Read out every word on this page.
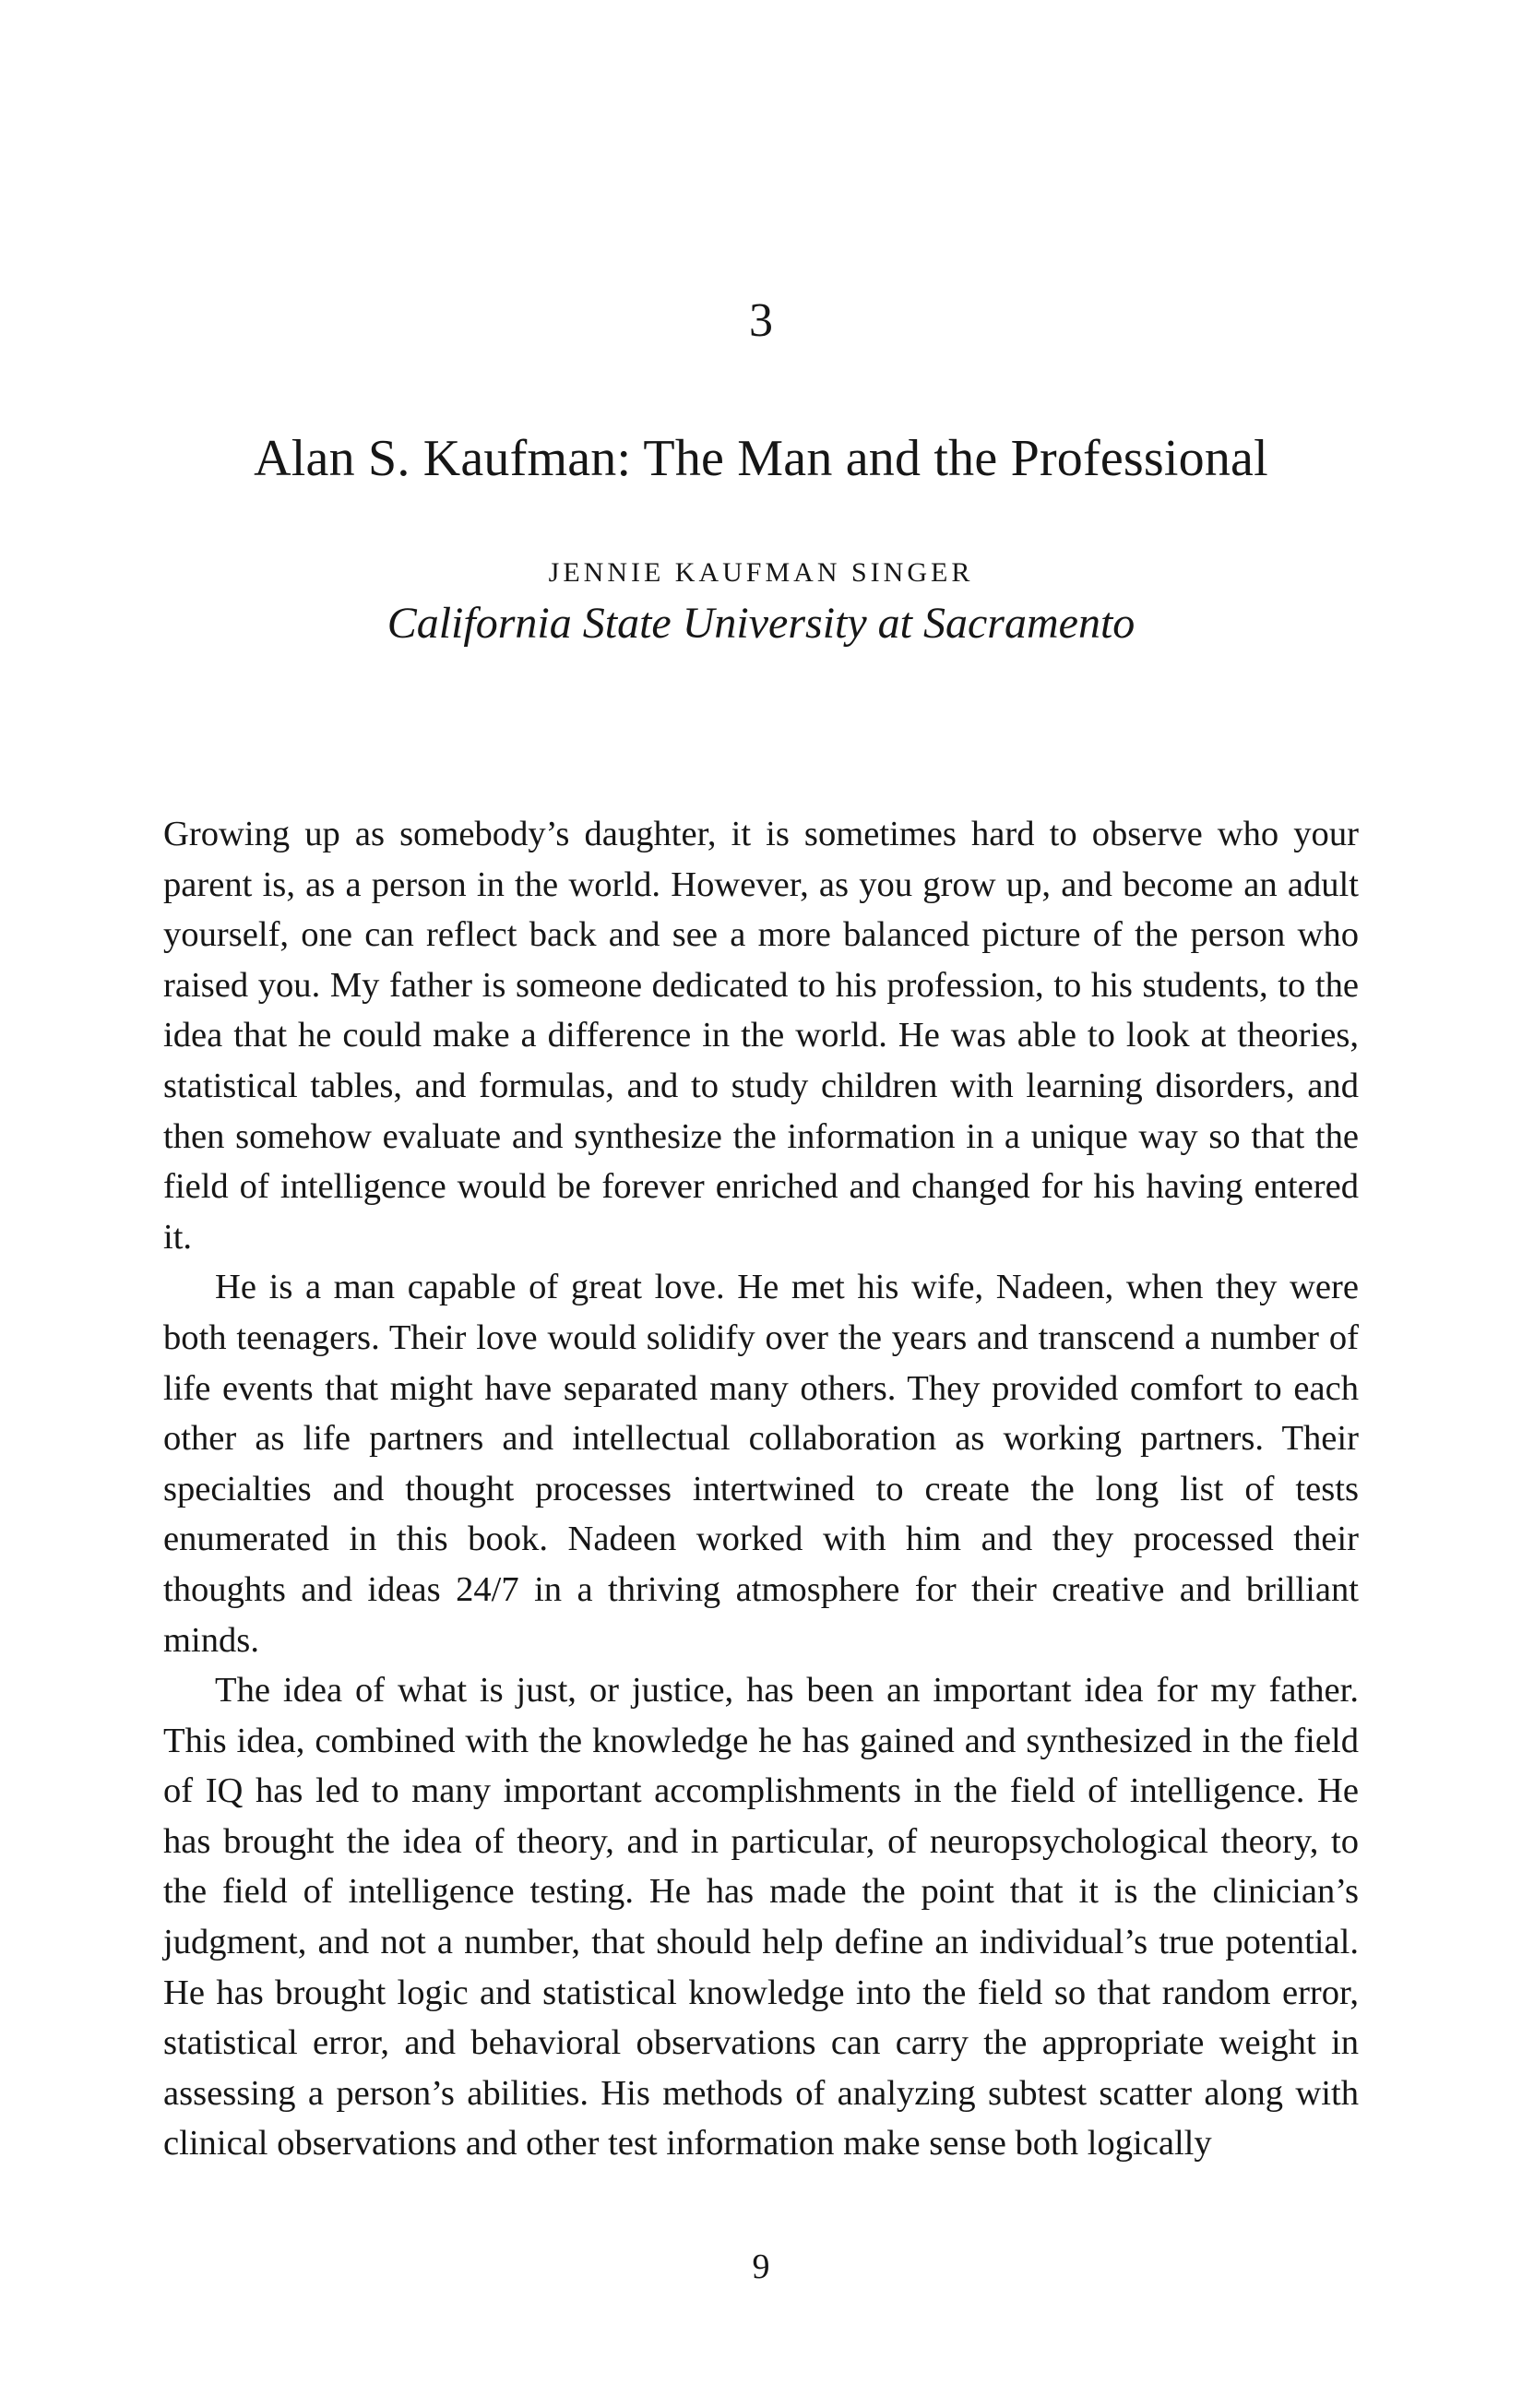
3
Alan S. Kaufman: The Man and the Professional
JENNIE KAUFMAN SINGER
California State University at Sacramento

Growing up as somebody’s daughter, it is sometimes hard to observe who your parent is, as a person in the world. However, as you grow up, and become an adult yourself, one can reflect back and see a more balanced picture of the person who raised you. My father is someone dedicated to his profession, to his students, to the idea that he could make a difference in the world. He was able to look at theories, statistical tables, and formulas, and to study children with learning disorders, and then somehow evaluate and synthesize the information in a unique way so that the field of intelligence would be forever enriched and changed for his having entered it.

He is a man capable of great love. He met his wife, Nadeen, when they were both teenagers. Their love would solidify over the years and transcend a number of life events that might have separated many others. They provided comfort to each other as life partners and intellectual collaboration as working partners. Their specialties and thought processes intertwined to create the long list of tests enumerated in this book. Nadeen worked with him and they processed their thoughts and ideas 24/7 in a thriving atmosphere for their creative and brilliant minds.

The idea of what is just, or justice, has been an important idea for my father. This idea, combined with the knowledge he has gained and synthesized in the field of IQ has led to many important accomplishments in the field of intelligence. He has brought the idea of theory, and in particular, of neuropsychological theory, to the field of intelligence testing. He has made the point that it is the clinician’s judgment, and not a number, that should help define an individual’s true potential. He has brought logic and statistical knowledge into the field so that random error, statistical error, and behavioral observations can carry the appropriate weight in assessing a person’s abilities. His methods of analyzing subtest scatter along with clinical observations and other test information make sense both logically

9
